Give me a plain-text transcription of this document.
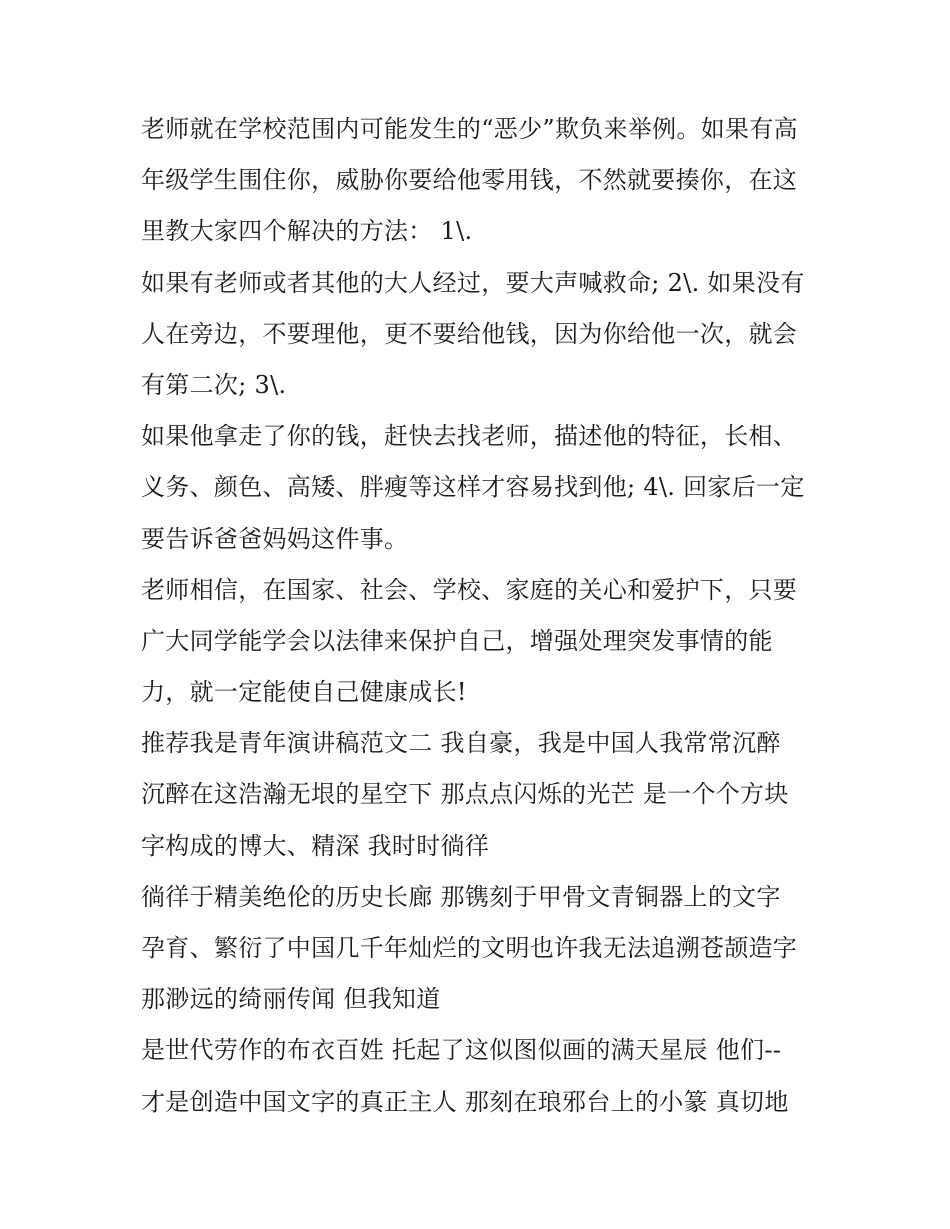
老师就在学校范围内可能发生的“恶少”欺负来举例。如果有高
年级学生围住你，威胁你要给他零用钱，不然就要揍你，在这
里教大家四个解决的方法： 1\.
如果有老师或者其他的大人经过，要大声喊救命; 2\. 如果没有
人在旁边，不要理他，更不要给他钱，因为你给他一次，就会
有第二次; 3\.
如果他拿走了你的钱，赶快去找老师，描述他的特征，长相、
义务、颜色、高矮、胖瘦等这样才容易找到他; 4\. 回家后一定
要告诉爸爸妈妈这件事。
老师相信，在国家、社会、学校、家庭的关心和爱护下，只要
广大同学能学会以法律来保护自己，增强处理突发事情的能
力，就一定能使自己健康成长!
推荐我是青年演讲稿范文二 我自豪，我是中国人我常常沉醉
沉醉在这浩瀚无垠的星空下 那点点闪烁的光芒 是一个个方块
字构成的博大、精深 我时时徜徉
徜徉于精美绝伦的历史长廊 那镌刻于甲骨文青铜器上的文字
孕育、繁衍了中国几千年灿烂的文明也许我无法追溯苍颉造字
那渺远的绮丽传闻 但我知道
是世代劳作的布衣百姓 托起了这似图似画的满天星辰 他们--
才是创造中国文字的真正主人 那刻在琅邪台上的小篆 真切地
